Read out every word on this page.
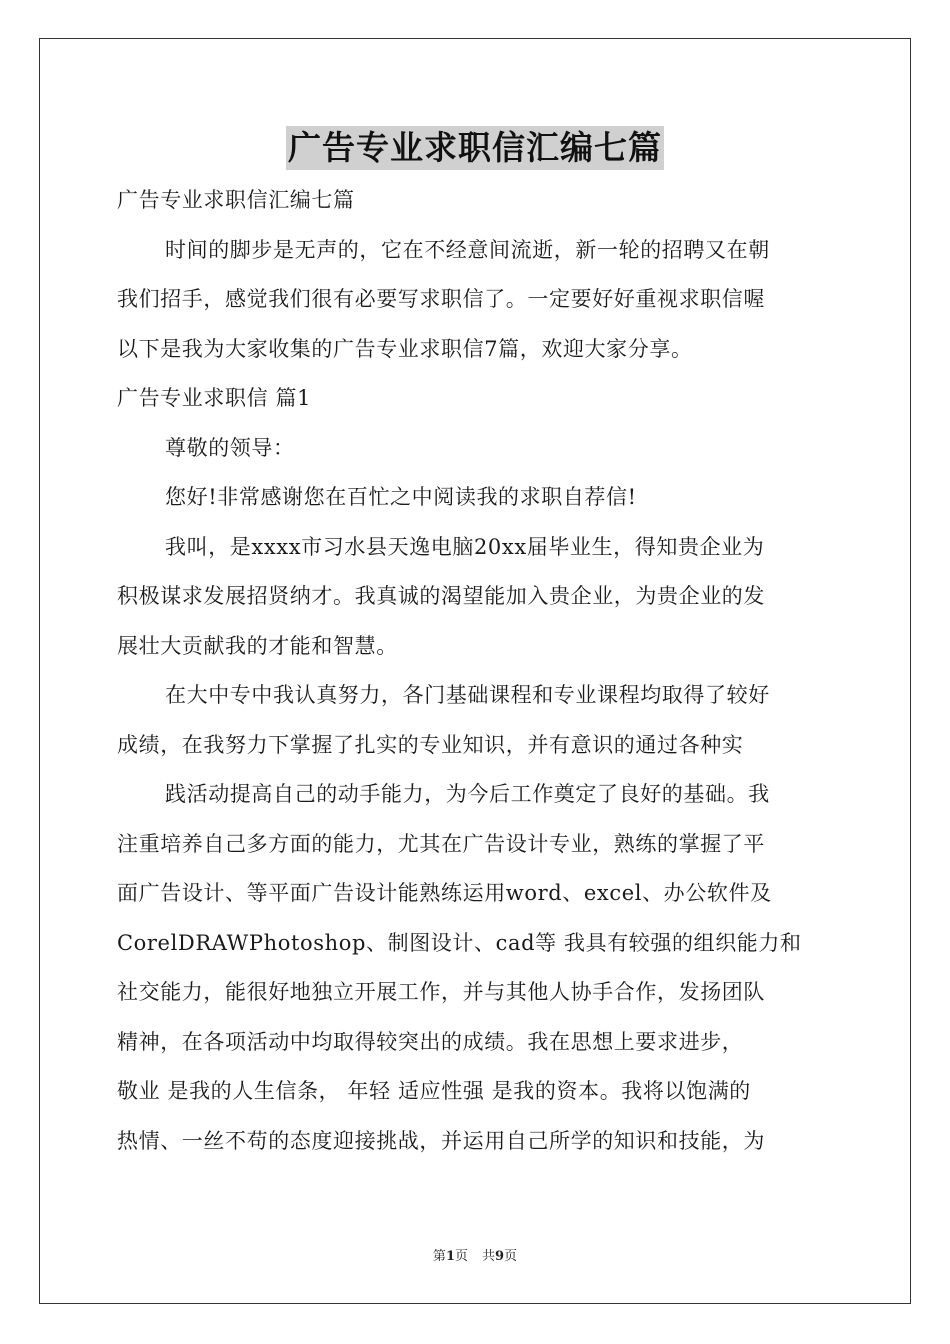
广告专业求职信汇编七篇
广告专业求职信汇编七篇
时间的脚步是无声的，它在不经意间流逝，新一轮的招聘又在朝
我们招手，感觉我们很有必要写求职信了。一定要好好重视求职信喔
以下是我为大家收集的广告专业求职信7篇，欢迎大家分享。
广告专业求职信 篇1
尊敬的领导：
您好!非常感谢您在百忙之中阅读我的求职自荐信!
我叫，是xxxx市习水县天逸电脑20xx届毕业生，得知贵企业为
积极谋求发展招贤纳才。我真诚的渴望能加入贵企业，为贵企业的发
展壮大贡献我的才能和智慧。
在大中专中我认真努力，各门基础课程和专业课程均取得了较好
成绩，在我努力下掌握了扎实的专业知识，并有意识的通过各种实
践活动提高自己的动手能力，为今后工作奠定了良好的基础。我
注重培养自己多方面的能力，尤其在广告设计专业，熟练的掌握了平
面广告设计、等平面广告设计能熟练运用word、excel、办公软件及
CorelDRAWPhotoshop、制图设计、cad等 我具有较强的组织能力和
社交能力，能很好地独立开展工作，并与其他人协手合作，发扬团队
精神，在各项活动中均取得较突出的成绩。我在思想上要求进步，
敬业 是我的人生信条， 年轻 适应性强 是我的资本。我将以饱满的
热情、一丝不苟的态度迎接挑战，并运用自己所学的知识和技能，为
第1页 共9页
